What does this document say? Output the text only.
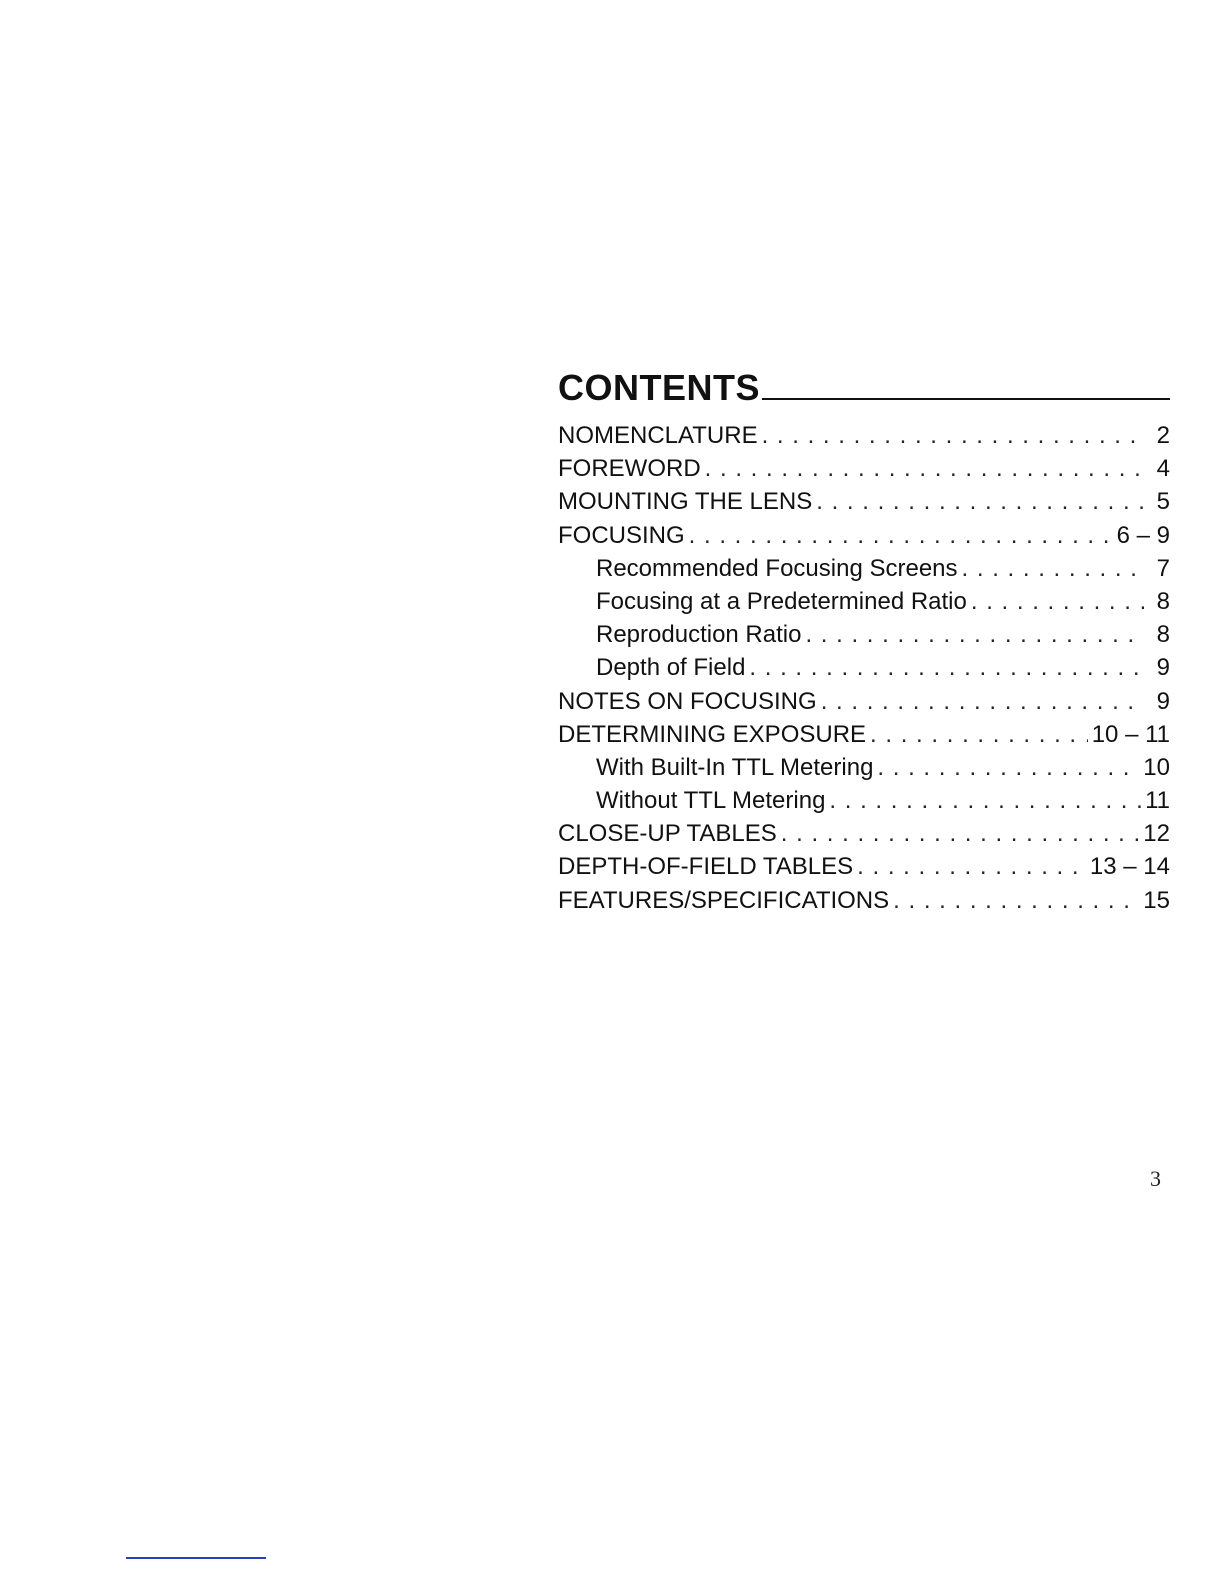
CONTENTS
NOMENCLATURE . . .	2
FOREWORD . . .	4
MOUNTING THE LENS . . .	5
FOCUSING . . .	6 – 9
Recommended Focusing Screens . . .	7
Focusing at a Predetermined Ratio . . .	8
Reproduction Ratio . . .	8
Depth of Field . . .	9
NOTES ON FOCUSING . . .	9
DETERMINING EXPOSURE . . .	10 – 11
With Built-In TTL Metering . . .	10
Without TTL Metering . . .	11
CLOSE-UP TABLES . . .	12
DEPTH-OF-FIELD TABLES . . .	13 – 14
FEATURES/SPECIFICATIONS . . .	15
3
